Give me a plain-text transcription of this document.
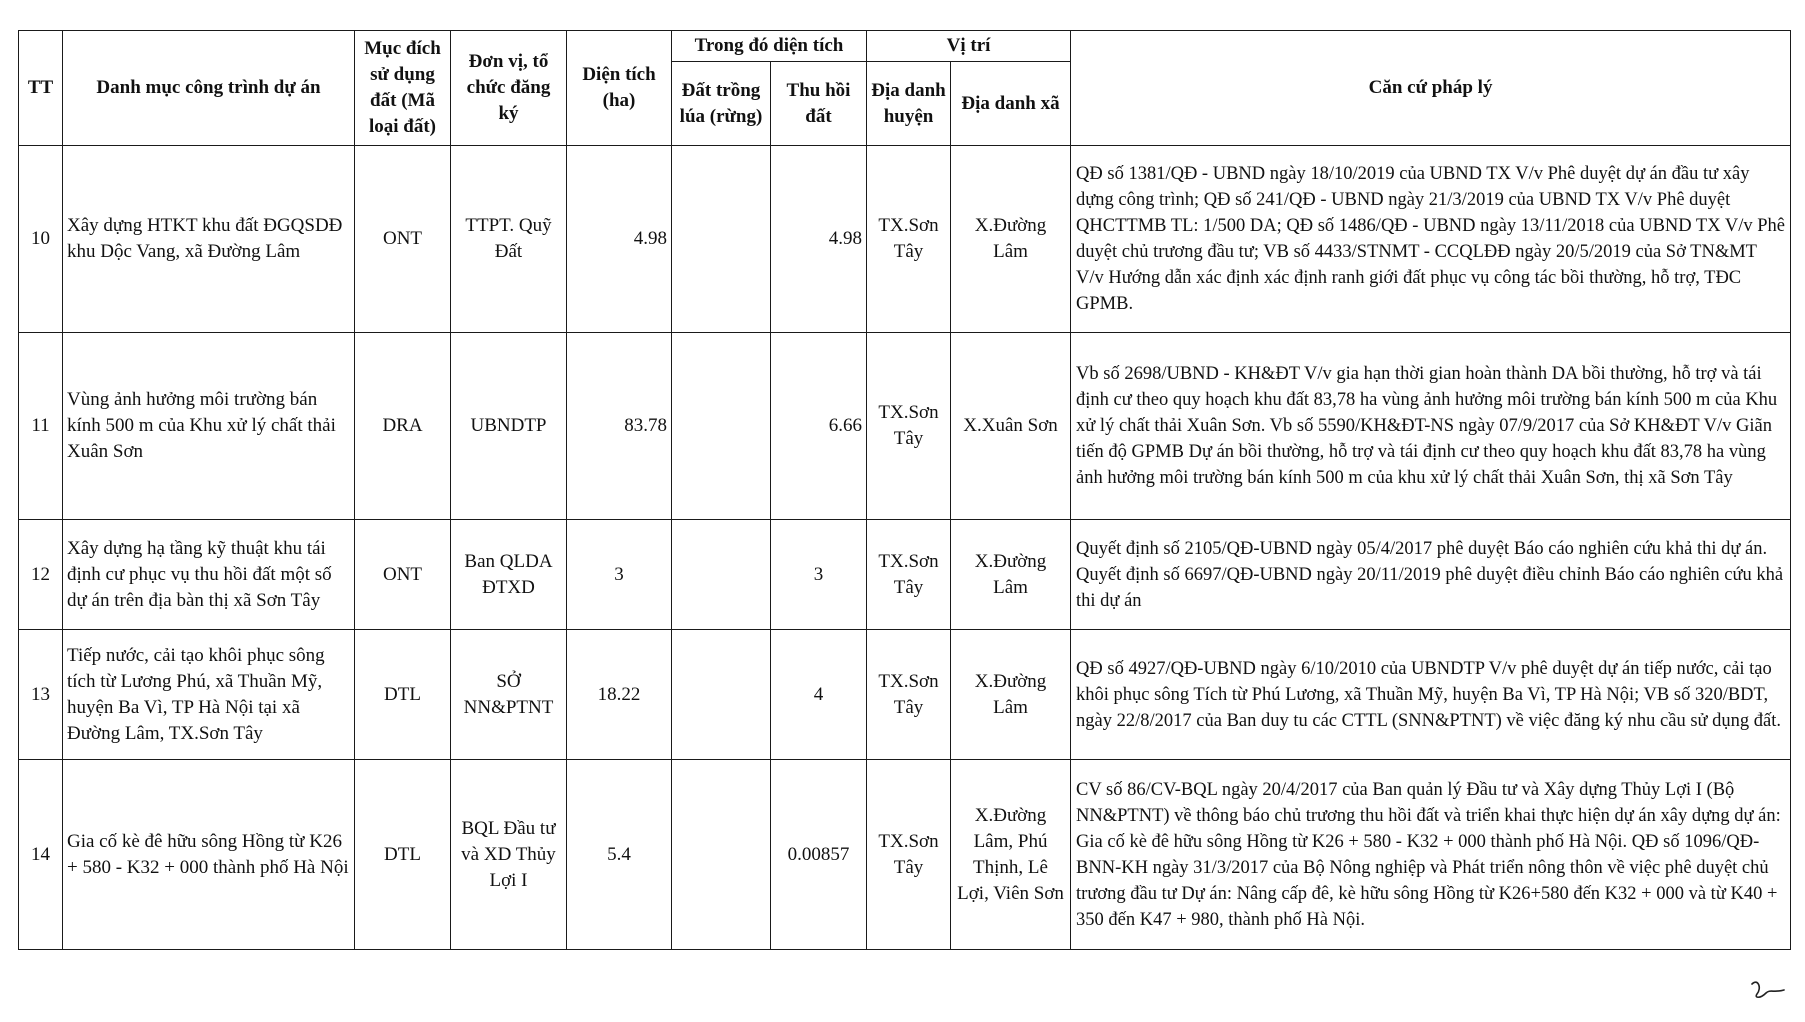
TT	Danh mục công trình dự án	Mục đích sử dụng đất (Mã loại đất)	Đơn vị, tổ chức đăng ký	Diện tích (ha)	Trong đó diện tích		Vị trí		Căn cứ pháp lý
					Đất trồng lúa (rừng)	Thu hồi đất	Địa danh huyện	Địa danh xã	
10	Xây dựng HTKT khu đất ĐGQSDĐ khu Dộc Vang, xã Đường Lâm	ONT	TTPT. Quỹ Đất	4.98		4.98	TX.Sơn Tây	X.Đường Lâm	QĐ số 1381/QĐ - UBND ngày 18/10/2019 của UBND TX V/v Phê duyệt dự án đầu tư xây dựng công trình; QĐ số 241/QĐ - UBND ngày 21/3/2019 của UBND TX V/v Phê duyệt QHCTTMB TL: 1/500 DA; QĐ số 1486/QĐ - UBND ngày 13/11/2018 của UBND TX V/v Phê duyệt chủ trương đầu tư; VB số 4433/STNMT - CCQLĐĐ ngày 20/5/2019 của Sở TN&MT V/v Hướng dẫn xác định xác định ranh giới đất phục vụ công tác bồi thường, hỗ trợ, TĐC GPMB.
11	Vùng ảnh hưởng môi trường bán kính 500 m của Khu xử lý chất thải Xuân Sơn	DRA	UBNDTP	83.78		6.66	TX.Sơn Tây	X.Xuân Sơn	Vb số 2698/UBND - KH&ĐT V/v gia hạn thời gian hoàn thành DA bồi thường, hỗ trợ và tái định cư theo quy hoạch khu đất 83,78 ha vùng ảnh hưởng môi trường bán kính 500 m của Khu xử lý chất thải Xuân Sơn. Vb số 5590/KH&ĐT-NS ngày 07/9/2017 của Sở KH&ĐT V/v Giãn tiến độ GPMB Dự án bồi thường, hỗ trợ và tái định cư theo quy hoạch khu đất 83,78 ha vùng ảnh hưởng môi trường bán kính 500 m của khu xử lý chất thải Xuân Sơn, thị xã Sơn Tây
12	Xây dựng hạ tầng kỹ thuật khu tái định cư phục vụ thu hồi đất một số dự án trên địa bàn thị xã Sơn Tây	ONT	Ban QLDA ĐTXD	3		3	TX.Sơn Tây	X.Đường Lâm	Quyết định số 2105/QĐ-UBND ngày 05/4/2017 phê duyệt Báo cáo nghiên cứu khả thi dự án. Quyết định số 6697/QĐ-UBND ngày 20/11/2019 phê duyệt điều chỉnh Báo cáo nghiên cứu khả thi dự án
13	Tiếp nước, cải tạo khôi phục sông tích từ Lương Phú, xã Thuần Mỹ, huyện Ba Vì, TP Hà Nội tại xã Đường Lâm, TX.Sơn Tây	DTL	SỞ NN&PTNT	18.22		4	TX.Sơn Tây	X.Đường Lâm	QĐ số 4927/QĐ-UBND ngày 6/10/2010 của UBNDTP V/v phê duyệt dự án tiếp nước, cải tạo khôi phục sông Tích từ Phú Lương, xã Thuần Mỹ, huyện Ba Vì, TP Hà Nội; VB số 320/BDT, ngày 22/8/2017 của Ban duy tu các CTTL (SNN&PTNT) về việc đăng ký nhu cầu sử dụng đất.
14	Gia cố kè đê hữu sông Hồng từ K26 + 580 - K32 + 000 thành phố Hà Nội	DTL	BQL Đầu tư và XD Thủy Lợi I	5.4		0.00857	TX.Sơn Tây	X.Đường Lâm, Phú Thịnh, Lê Lợi, Viên Sơn	CV số 86/CV-BQL ngày 20/4/2017 của Ban quản lý Đầu tư và Xây dựng Thủy Lợi I (Bộ NN&PTNT) về thông báo chủ trương thu hồi đất và triển khai thực hiện dự án xây dựng dự án: Gia cố kè đê hữu sông Hồng từ K26 + 580 - K32 + 000 thành phố Hà Nội. QĐ số 1096/QĐ-BNN-KH ngày 31/3/2017 của Bộ Nông nghiệp và Phát triển nông thôn về việc phê duyệt chủ trương đầu tư Dự án: Nâng cấp đê, kè hữu sông Hồng từ K26+580 đến K32 + 000 và từ K40 + 350 đến K47 + 980, thành phố Hà Nội.
